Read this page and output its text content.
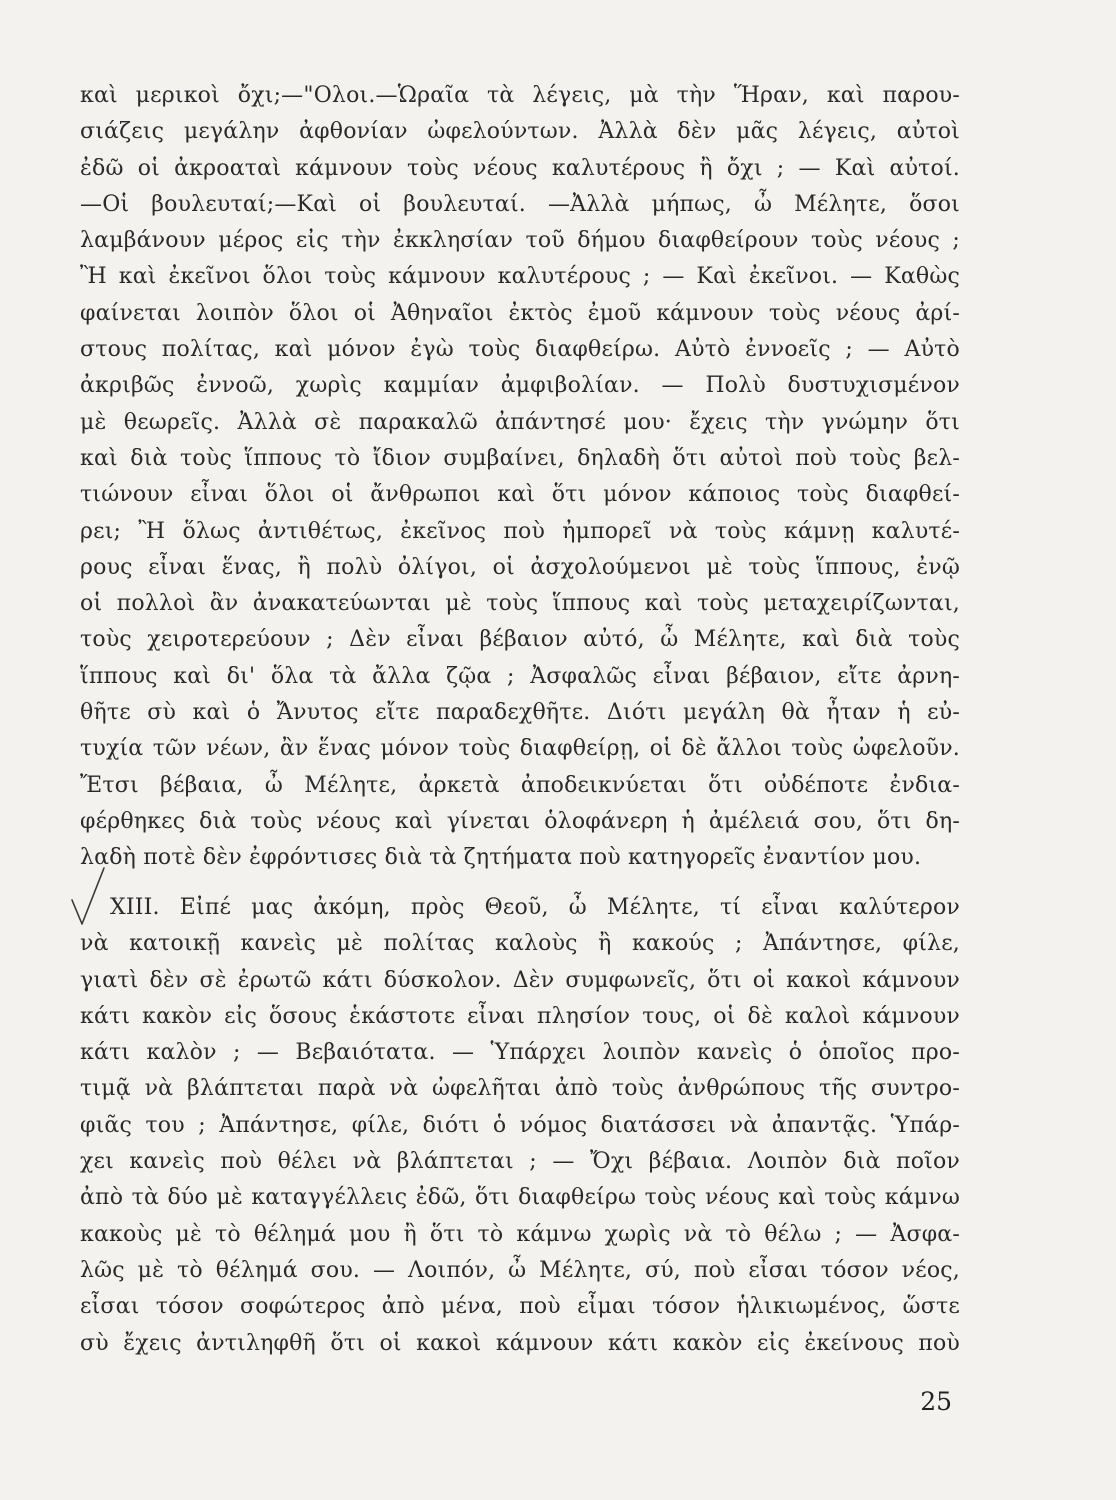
καὶ μερικοὶ ὄχι;—"Ολοι.—Ὡραῖα τὰ λέγεις, μὰ τὴν Ἥραν, καὶ παρου-
σιάζεις μεγάλην ἀφθονίαν ὠφελούντων. Ἀλλὰ δὲν μᾶς λέγεις, αὐτοὶ
ἐδῶ οἱ ἀκροαταὶ κάμνουν τοὺς νέους καλυτέρους ἢ ὄχι ; — Καὶ αὐτοί.
—Οἱ βουλευταί;—Καὶ οἱ βουλευταί. —Ἀλλὰ μήπως, ὦ Μέλητε, ὅσοι
λαμβάνουν μέρος εἰς τὴν ἐκκλησίαν τοῦ δήμου διαφθείρουν τοὺς νέους ;
Ἢ καὶ ἐκεῖνοι ὅλοι τοὺς κάμνουν καλυτέρους ; — Καὶ ἐκεῖνοι. — Καθὼς
φαίνεται λοιπὸν ὅλοι οἱ Ἀθηναῖοι ἐκτὸς ἐμοῦ κάμνουν τοὺς νέους ἀρί-
στους πολίτας, καὶ μόνον ἐγὼ τοὺς διαφθείρω. Αὐτὸ ἐννοεῖς ; — Αὐτὸ
ἀκριβῶς ἐννοῶ, χωρὶς καμμίαν ἀμφιβολίαν. — Πολὺ δυστυχισμένον
μὲ θεωρεῖς. Ἀλλὰ σὲ παρακαλῶ ἀπάντησέ μου· ἔχεις τὴν γνώμην ὅτι
καὶ διὰ τοὺς ἵππους τὸ ἴδιον συμβαίνει, δηλαδὴ ὅτι αὐτοὶ ποὺ τοὺς βελ-
τιώνουν εἶναι ὅλοι οἱ ἄνθρωποι καὶ ὅτι μόνον κάποιος τοὺς διαφθεί-
ρει; Ἢ ὅλως ἀντιθέτως, ἐκεῖνος ποὺ ἠμπορεῖ νὰ τοὺς κάμνῃ καλυτέ-
ρους εἶναι ἕνας, ἢ πολὺ ὀλίγοι, οἱ ἀσχολούμενοι μὲ τοὺς ἵππους, ἐνῷ
οἱ πολλοὶ ἂν ἀνακατεύωνται μὲ τοὺς ἵππους καὶ τοὺς μεταχειρίζωνται,
τοὺς χειροτερεύουν ; Δὲν εἶναι βέβαιον αὐτό, ὦ Μέλητε, καὶ διὰ τοὺς
ἵππους καὶ δι' ὅλα τὰ ἄλλα ζῷα ; Ἀσφαλῶς εἶναι βέβαιον, εἴτε ἀρνη-
θῆτε σὺ καὶ ὁ Ἄνυτος εἴτε παραδεχθῆτε. Διότι μεγάλη θὰ ἦταν ἡ εὐ-
τυχία τῶν νέων, ἂν ἕνας μόνον τοὺς διαφθείρῃ, οἱ δὲ ἄλλοι τοὺς ὠφελοῦν.
Ἔτσι βέβαια, ὦ Μέλητε, ἀρκετὰ ἀποδεικνύεται ὅτι οὐδέποτε ἐνδια-
φέρθηκες διὰ τοὺς νέους καὶ γίνεται ὁλοφάνερη ἡ ἀμέλειά σου, ὅτι δη-
λαδὴ ποτὲ δὲν ἐφρόντισες διὰ τὰ ζητήματα ποὺ κατηγορεῖς ἐναντίον μου.
XIII. Εἰπέ μας ἀκόμη, πρὸς Θεοῦ, ὦ Μέλητε, τί εἶναι καλύτερον
νὰ κατοικῇ κανεὶς μὲ πολίτας καλοὺς ἢ κακούς ; Ἀπάντησε, φίλε,
γιατὶ δὲν σὲ ἐρωτῶ κάτι δύσκολον. Δὲν συμφωνεῖς, ὅτι οἱ κακοὶ κάμνουν
κάτι κακὸν εἰς ὅσους ἑκάστοτε εἶναι πλησίον τους, οἱ δὲ καλοὶ κάμνουν
κάτι καλὸν ; — Βεβαιότατα. — Ὑπάρχει λοιπὸν κανεὶς ὁ ὁποῖος προ-
τιμᾷ νὰ βλάπτεται παρὰ νὰ ὠφελῆται ἀπὸ τοὺς ἀνθρώπους τῆς συντρο-
φιᾶς του ; Ἀπάντησε, φίλε, διότι ὁ νόμος διατάσσει νὰ ἀπαντᾷς. Ὑπάρ-
χει κανεὶς ποὺ θέλει νὰ βλάπτεται ; — Ὄχι βέβαια. Λοιπὸν διὰ ποῖον
ἀπὸ τὰ δύο μὲ καταγγέλλεις ἐδῶ, ὅτι διαφθείρω τοὺς νέους καὶ τοὺς κάμνω
κακοὺς μὲ τὸ θέλημά μου ἢ ὅτι τὸ κάμνω χωρὶς νὰ τὸ θέλω ; — Ἀσφα-
λῶς μὲ τὸ θέλημά σου. — Λοιπόν, ὦ Μέλητε, σύ, ποὺ εἶσαι τόσον νέος,
εἶσαι τόσον σοφώτερος ἀπὸ μένα, ποὺ εἶμαι τόσον ἡλικιωμένος, ὥστε
σὺ ἔχεις ἀντιληφθῆ ὅτι οἱ κακοὶ κάμνουν κάτι κακὸν εἰς ἐκείνους ποὺ
25
